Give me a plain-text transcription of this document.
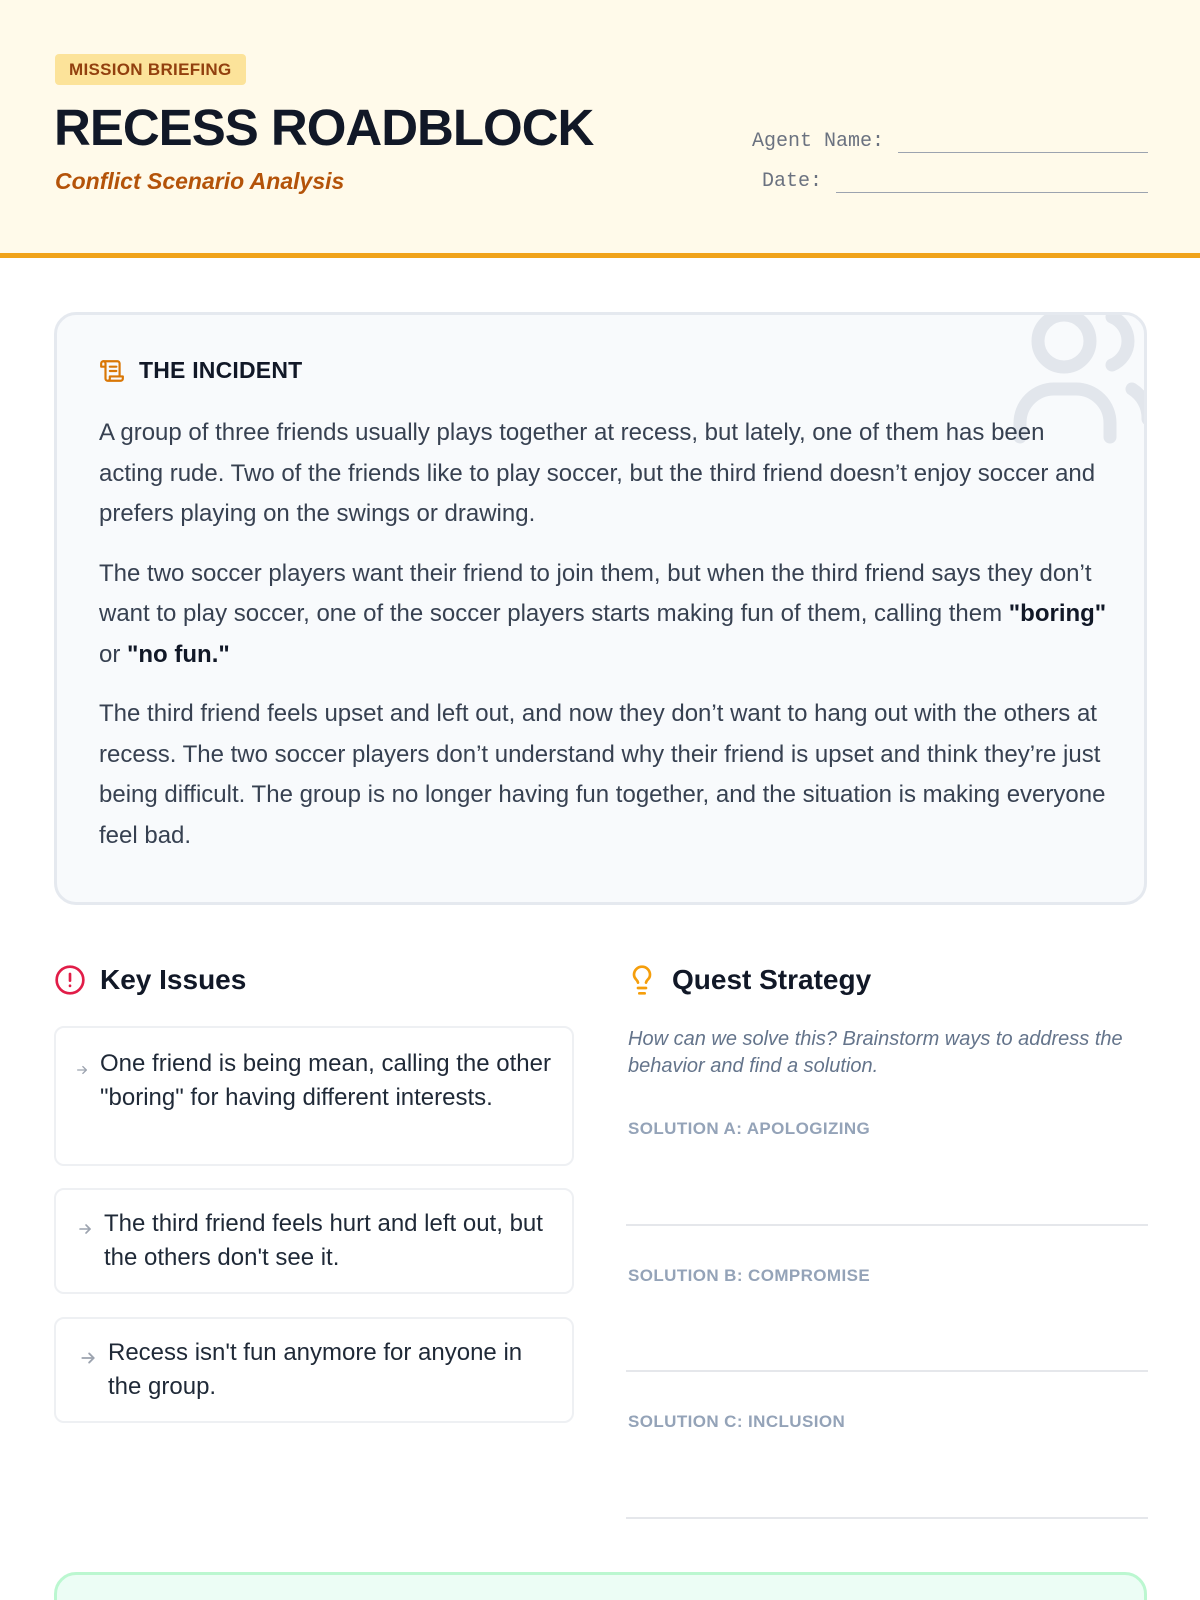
MISSION BRIEFING
RECESS ROADBLOCK
Conflict Scenario Analysis
Agent Name:
Date:
THE INCIDENT

A group of three friends usually plays together at recess, but lately, one of them has been acting rude. Two of the friends like to play soccer, but the third friend doesn’t enjoy soccer and prefers playing on the swings or drawing.

The two soccer players want their friend to join them, but when the third friend says they don’t want to play soccer, one of the soccer players starts making fun of them, calling them "boring" or "no fun."

The third friend feels upset and left out, and now they don’t want to hang out with the others at recess. The two soccer players don’t understand why their friend is upset and think they’re just being difficult. The group is no longer having fun together, and the situation is making everyone feel bad.

Key Issues
One friend is being mean, calling the other "boring" for having different interests.
The third friend feels hurt and left out, but the others don't see it.
Recess isn't fun anymore for anyone in the group.
Quest Strategy
How can we solve this? Brainstorm ways to address the behavior and find a solution.
SOLUTION A: APOLOGIZING
SOLUTION B: COMPROMISE
SOLUTION C: INCLUSION
